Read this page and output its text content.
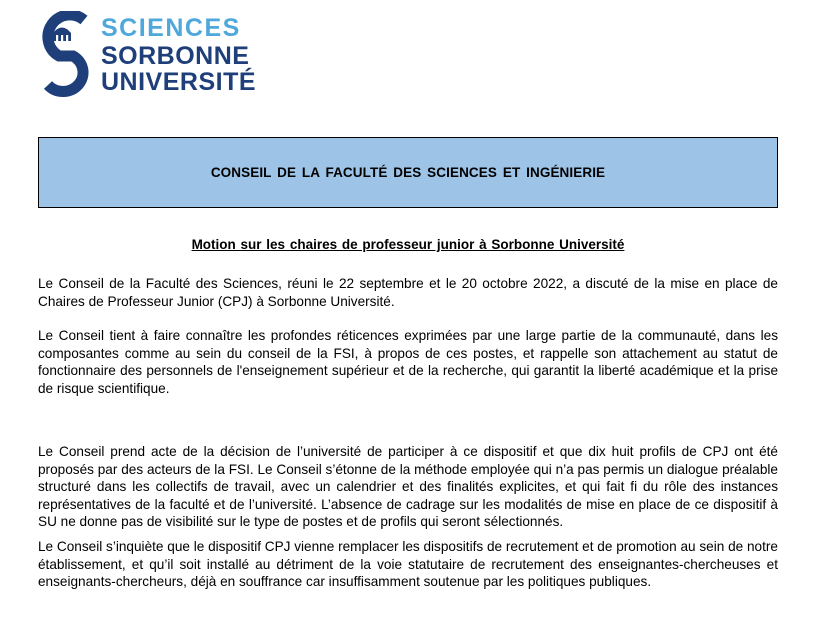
SCIENCES
SORBONNE
UNIVERSITÉ
CONSEIL DE LA FACULTÉ DES SCIENCES ET INGÉNIERIE
Motion sur les chaires de professeur junior à Sorbonne Université

Le Conseil de la Faculté des Sciences, réuni le 22 septembre et le 20 octobre 2022, a discuté de la mise en place de Chaires de Professeur Junior (CPJ) à Sorbonne Université.

Le Conseil tient à faire connaître les profondes réticences exprimées par une large partie de la communauté, dans les composantes comme au sein du conseil de la FSI, à propos de ces postes, et rappelle son attachement au statut de fonctionnaire des personnels de l'enseignement supérieur et de la recherche, qui garantit la liberté académique et la prise de risque scientifique.

Le Conseil prend acte de la décision de l’université de participer à ce dispositif et que dix huit profils de CPJ ont été proposés par des acteurs de la FSI. Le Conseil s’étonne de la méthode employée qui n’a pas permis un dialogue préalable structuré dans les collectifs de travail, avec un calendrier et des finalités explicites, et qui fait fi du rôle des instances représentatives de la faculté et de l’université. L’absence de cadrage sur les modalités de mise en place de ce dispositif à SU ne donne pas de visibilité sur le type de postes et de profils qui seront sélectionnés.

Le Conseil s’inquiète que le dispositif CPJ vienne remplacer les dispositifs de recrutement et de promotion au sein de notre établissement, et qu’il soit installé au détriment de la voie statutaire de recrutement des enseignantes-chercheuses et enseignants-chercheurs, déjà en souffrance car insuffisamment soutenue par les politiques publiques.
